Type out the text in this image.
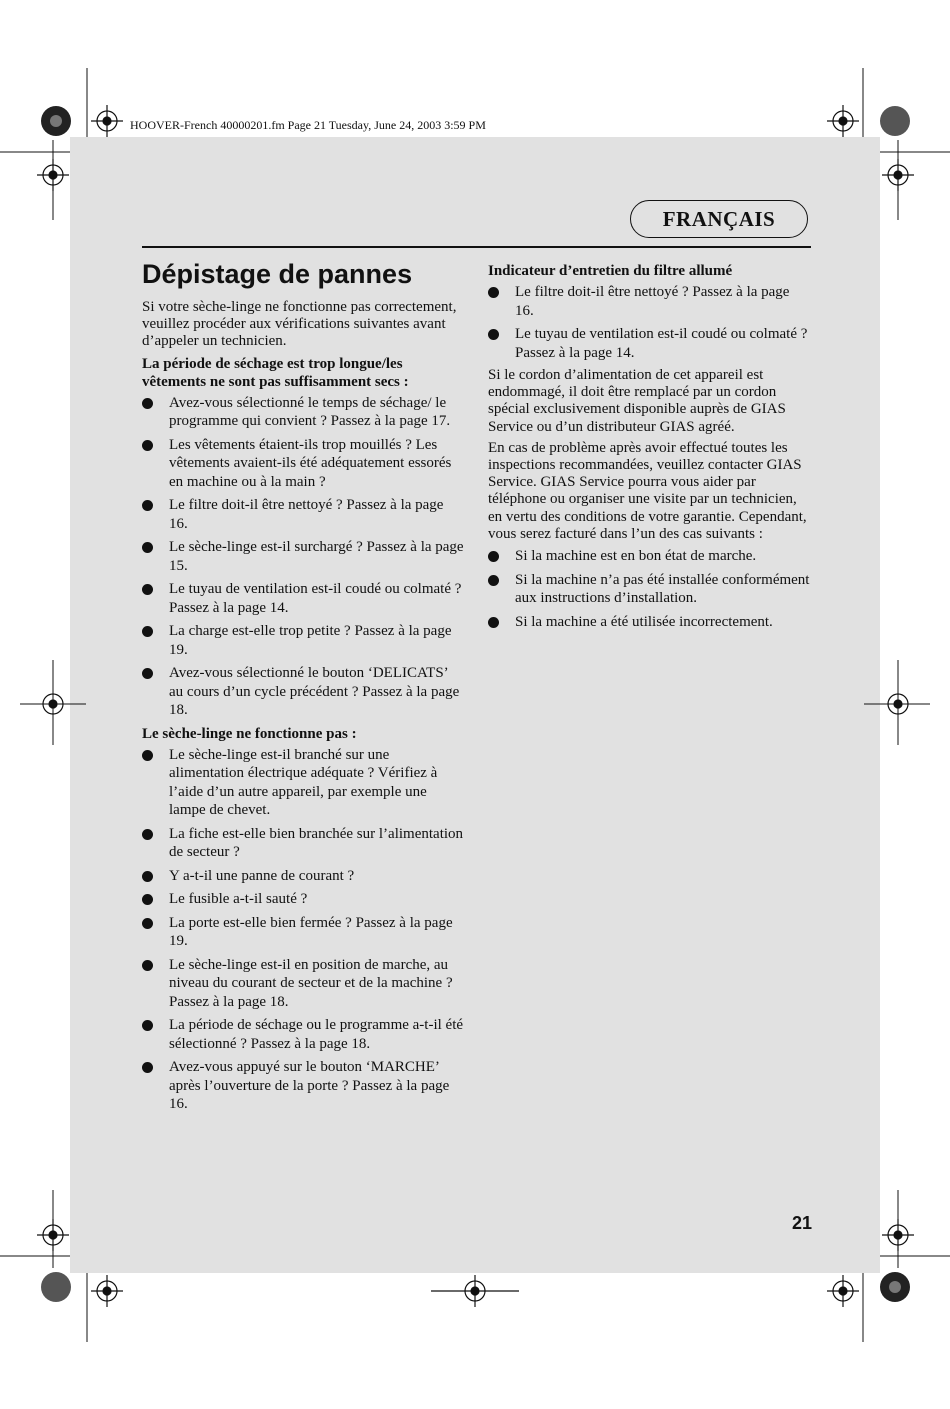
HOOVER-French 40000201.fm Page 21 Tuesday, June 24, 2003 3:59 PM
FRANÇAIS
Dépistage de pannes

Si votre sèche-linge ne fonctionne pas correctement, veuillez procéder aux vérifications suivantes avant d’appeler un technicien.

La période de séchage est trop longue/les vêtements ne sont pas suffisamment secs :
Avez-vous sélectionné le temps de séchage/ le programme qui convient ? Passez à la page 17.
Les vêtements étaient-ils trop mouillés ? Les vêtements avaient-ils été adéquatement essorés en machine ou à la main ?
Le filtre doit-il être nettoyé ? Passez à la page 16.
Le sèche-linge est-il surchargé ? Passez à la page 15.
Le tuyau de ventilation est-il coudé ou colmaté ? Passez à la page 14.
La charge est-elle trop petite ? Passez à la page 19.
Avez-vous sélectionné le bouton ‘DELICATS’ au cours d’un cycle précédent ? Passez à la page 18.
Le sèche-linge ne fonctionne pas :
Le sèche-linge est-il branché sur une alimentation électrique adéquate ? Vérifiez à l’aide d’un autre appareil, par exemple une lampe de chevet.
La fiche est-elle bien branchée sur l’alimentation de secteur ?
Y a-t-il une panne de courant ?
Le fusible a-t-il sauté ?
La porte est-elle bien fermée ? Passez à la page 19.
Le sèche-linge est-il en position de marche, au niveau du courant de secteur et de la machine ? Passez à la page 18.
La période de séchage ou le programme a-t-il été sélectionné ? Passez à la page 18.
Avez-vous appuyé sur le bouton ‘MARCHE’ après l’ouverture de la porte ? Passez à la page 16.
Indicateur d’entretien du filtre allumé
Le filtre doit-il être nettoyé ? Passez à la page 16.
Le tuyau de ventilation est-il coudé ou colmaté ? Passez à la page 14.

Si le cordon d’alimentation de cet appareil est endommagé, il doit être remplacé par un cordon spécial exclusivement disponible auprès de GIAS Service ou d’un distributeur GIAS agréé.

En cas de problème après avoir effectué toutes les inspections recommandées, veuillez contacter GIAS Service. GIAS Service pourra vous aider par téléphone ou organiser une visite par un technicien, en vertu des conditions de votre garantie. Cependant, vous serez facturé dans l’un des cas suivants :

Si la machine est en bon état de marche.
Si la machine n’a pas été installée conformément aux instructions d’installation.
Si la machine a été utilisée incorrectement.
21
